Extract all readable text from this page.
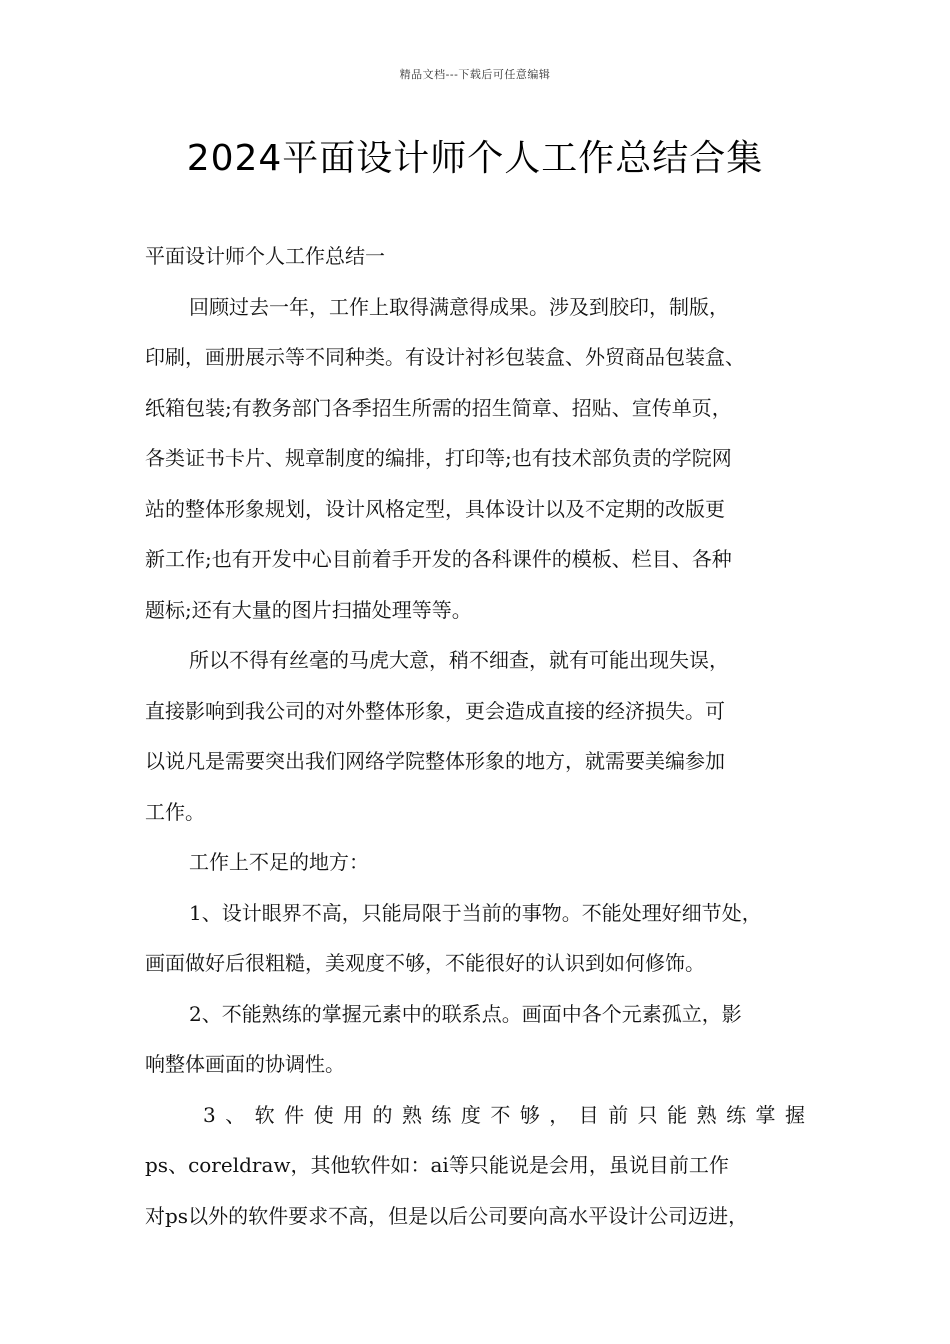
精品文档---下载后可任意编辑
2024平面设计师个人工作总结合集

平面设计师个人工作总结一

回顾过去一年，工作上取得满意得成果。涉及到胶印，制版，
印刷，画册展示等不同种类。有设计衬衫包装盒、外贸商品包装盒、
纸箱包装;有教务部门各季招生所需的招生简章、招贴、宣传单页，
各类证书卡片、规章制度的编排，打印等;也有技术部负责的学院网
站的整体形象规划，设计风格定型，具体设计以及不定期的改版更
新工作;也有开发中心目前着手开发的各科课件的模板、栏目、各种
题标;还有大量的图片扫描处理等等。

所以不得有丝毫的马虎大意，稍不细查，就有可能出现失误，
直接影响到我公司的对外整体形象，更会造成直接的经济损失。可
以说凡是需要突出我们网络学院整体形象的地方，就需要美编参加
工作。

工作上不足的地方：

1、设计眼界不高，只能局限于当前的事物。不能处理好细节处，
画面做好后很粗糙，美观度不够，不能很好的认识到如何修饰。

2、不能熟练的掌握元素中的联系点。画面中各个元素孤立，影
响整体画面的协调性。

3、软件使用的熟练度不够，目前只能熟练掌握
ps、coreldraw，其他软件如：ai等只能说是会用，虽说目前工作
对ps以外的软件要求不高，但是以后公司要向高水平设计公司迈进，
